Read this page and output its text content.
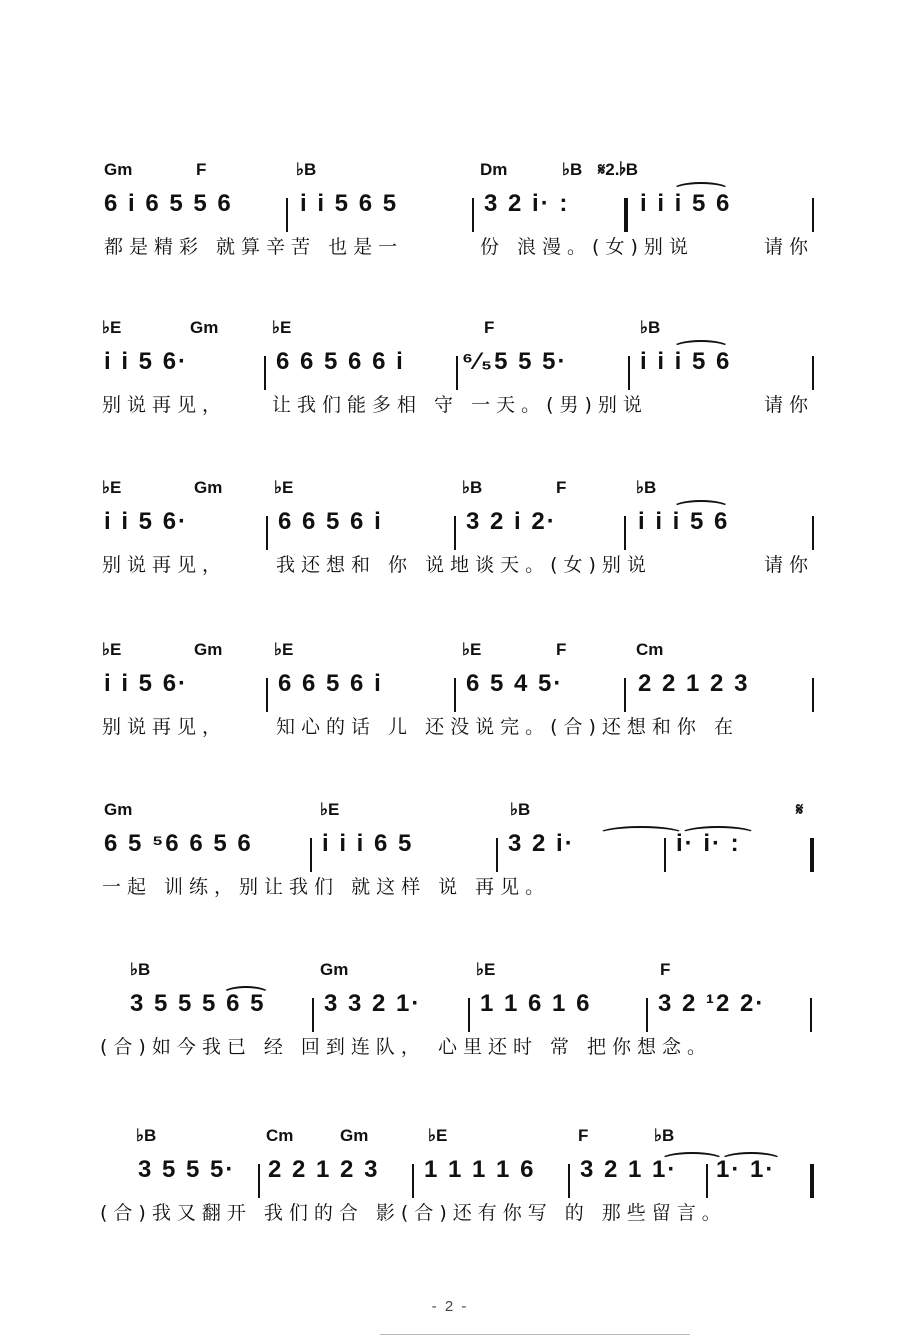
Gm	F	♭B	Dm	♭B 𝄋2.♭B
6 i 6 5 5 6	i i 5 6 5	3 2 i· :	i i i 5 6
都是精彩 就算辛苦 也是一	份 浪漫。(女)别说	请你
♭E	Gm	♭E	F	♭B
i i 5 6·	6 6 5 6 6 i ⁶⁄₅5 5 5·	i i i 5 6
别说再见， 让我们能多相 守 一天。(男)别说	请你
♭E	Gm	♭E	♭B	F	♭B
i i 5 6·	6 6 5 6 i	3 2 i 2·	i i i 5 6
别说再见，	我还想和 你 说地谈天。(女)别说	请你
♭E	Gm	♭E	♭E	F	Cm
i i 5 6·	6 6 5 6 i	6 5 4 5·	2 2 1 2 3
别说再见，	知心的话 儿 还没说完。(合)还想和你 在
Gm	♭E	♭B	𝄋
6 5 ⁵6 6 5 6	i i i 6 5	3 2 i·	i· i· :
一起 训练，别让我们 就这样 说 再见。
♭B	Gm	♭E	F
3 5 5 5 6 5 3 3 2 1· 1 1 6 1 6	3 2 ¹2 2·
(合)如今我已 经 回到连队， 心里还时 常 把你想念。
♭B	Cm	Gm	♭E	F	♭B
3 5 5 5· 2 2 1 2 3 1 1 1 1 6 3 2 1 1· 1· 1·
(合)我又翻开 我们的合 影(合)还有你写 的 那些留言。
- 2 -
